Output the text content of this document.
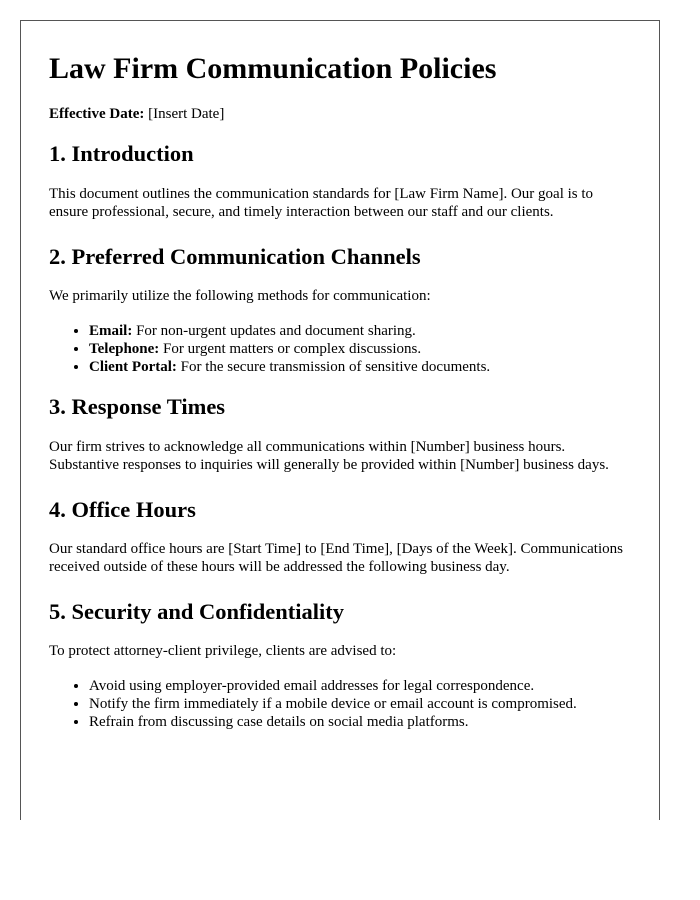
Law Firm Communication Policies

Effective Date: [Insert Date]

1. Introduction

This document outlines the communication standards for [Law Firm Name]. Our goal is to ensure professional, secure, and timely interaction between our staff and our clients.

2. Preferred Communication Channels

We primarily utilize the following methods for communication:

• Email: For non-urgent updates and document sharing.
• Telephone: For urgent matters or complex discussions.
• Client Portal: For the secure transmission of sensitive documents.
3. Response Times

Our firm strives to acknowledge all communications within [Number] business hours. Substantive responses to inquiries will generally be provided within [Number] business days.

4. Office Hours

Our standard office hours are [Start Time] to [End Time], [Days of the Week]. Communications received outside of these hours will be addressed the following business day.

5. Security and Confidentiality

To protect attorney-client privilege, clients are advised to:

• Avoid using employer-provided email addresses for legal correspondence.
• Notify the firm immediately if a mobile device or email account is compromised.
• Refrain from discussing case details on social media platforms.
